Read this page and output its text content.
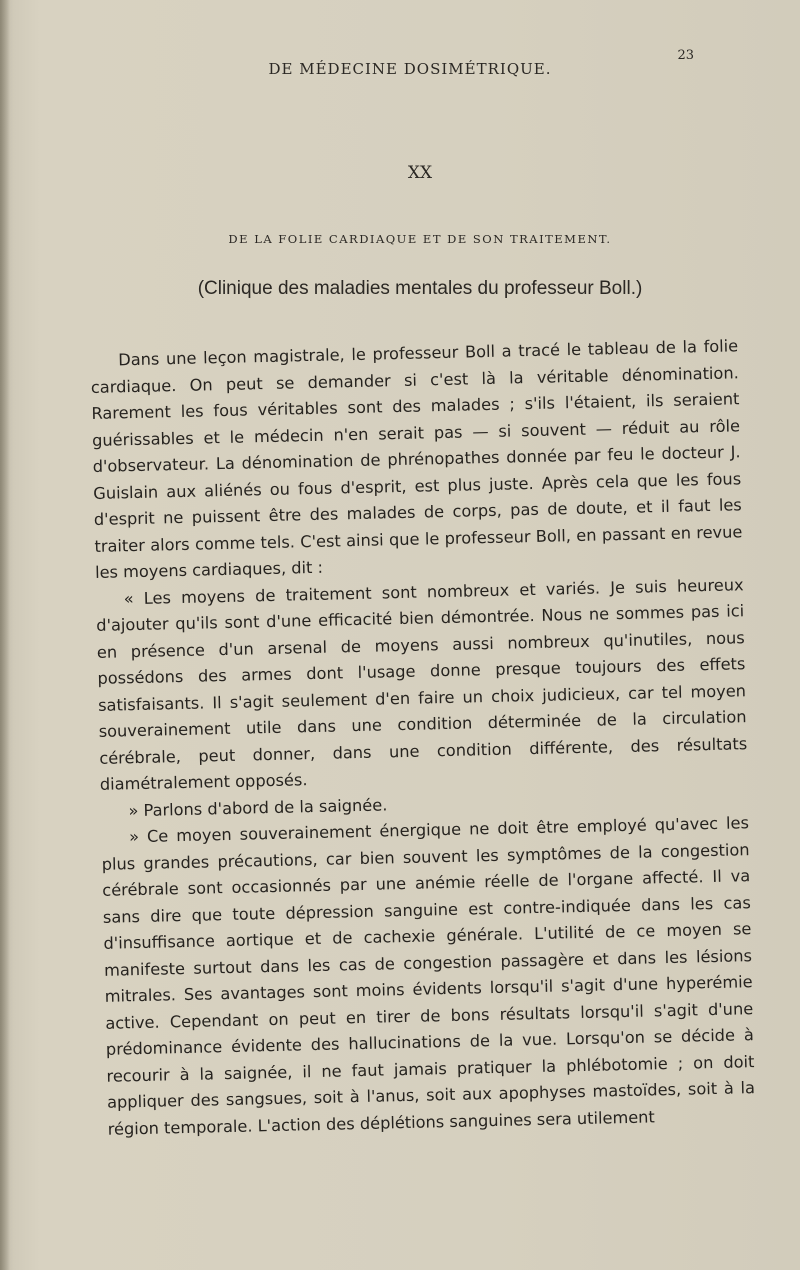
DE MÉDECINE DOSIMÉTRIQUE.
23
XX
DE LA FOLIE CARDIAQUE ET DE SON TRAITEMENT.
(Clinique des maladies mentales du professeur Boll.)

Dans une leçon magistrale, le professeur Boll a tracé le tableau de la folie cardiaque. On peut se demander si c'est là la véritable dénomination. Rarement les fous véritables sont des malades ; s'ils l'étaient, ils seraient guérissables et le médecin n'en serait pas — si souvent — réduit au rôle d'observateur. La dénomination de phrénopathes donnée par feu le docteur J. Guislain aux aliénés ou fous d'esprit, est plus juste. Après cela que les fous d'esprit ne puissent être des malades de corps, pas de doute, et il faut les traiter alors comme tels. C'est ainsi que le professeur Boll, en passant en revue les moyens cardiaques, dit :

« Les moyens de traitement sont nombreux et variés. Je suis heureux d'ajouter qu'ils sont d'une efficacité bien démontrée. Nous ne sommes pas ici en présence d'un arsenal de moyens aussi nombreux qu'inutiles, nous possédons des armes dont l'usage donne presque toujours des effets satisfaisants. Il s'agit seulement d'en faire un choix judicieux, car tel moyen souverainement utile dans une condition déterminée de la circulation cérébrale, peut donner, dans une condition différente, des résultats diamétralement opposés.

» Parlons d'abord de la saignée.

» Ce moyen souverainement énergique ne doit être employé qu'avec les plus grandes précautions, car bien souvent les symptômes de la congestion cérébrale sont occasionnés par une anémie réelle de l'organe affecté. Il va sans dire que toute dépression sanguine est contre-indiquée dans les cas d'insuffisance aortique et de cachexie générale. L'utilité de ce moyen se manifeste surtout dans les cas de congestion passagère et dans les lésions mitrales. Ses avantages sont moins évidents lorsqu'il s'agit d'une hyperémie active. Cependant on peut en tirer de bons résultats lorsqu'il s'agit d'une prédominance évidente des hallucinations de la vue. Lorsqu'on se décide à recourir à la saignée, il ne faut jamais pratiquer la phlébotomie ; on doit appliquer des sangsues, soit à l'anus, soit aux apophyses mastoïdes, soit à la région temporale. L'action des déplétions sanguines sera utilement
